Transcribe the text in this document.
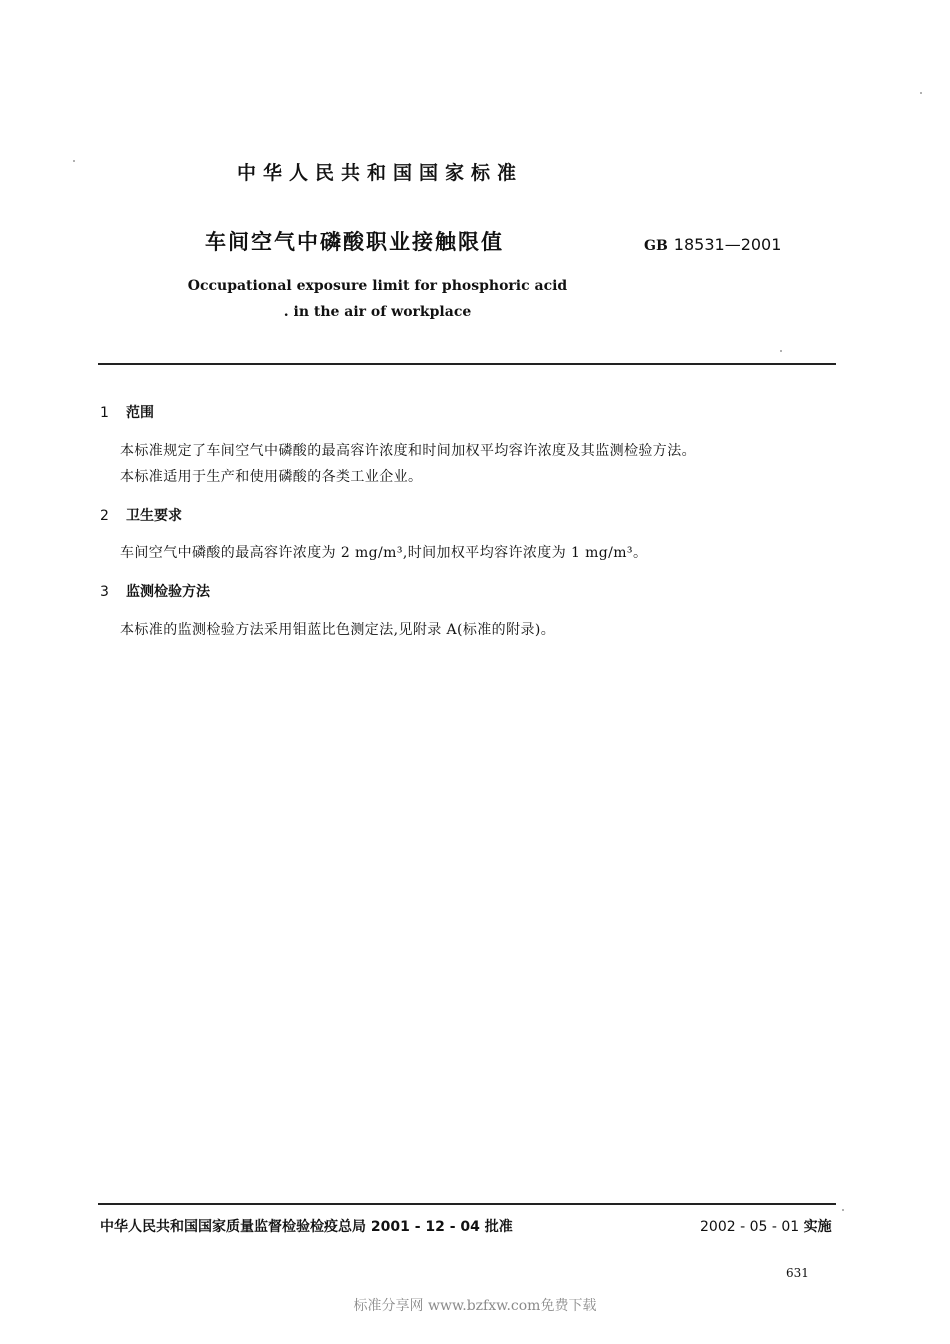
中华人民共和国国家标准
车间空气中磷酸职业接触限值	GB 18531—2001
Occupational exposure limit for phosphoric acid
. in the air of workplace
1 范围
本标准规定了车间空气中磷酸的最高容许浓度和时间加权平均容许浓度及其监测检验方法。
本标准适用于生产和使用磷酸的各类工业企业。
2 卫生要求
车间空气中磷酸的最高容许浓度为 2 mg/m³,时间加权平均容许浓度为 1 mg/m³。
3 监测检验方法
本标准的监测检验方法采用钼蓝比色测定法,见附录 A(标准的附录)。
中华人民共和国国家质量监督检验检疫总局 2001 - 12 - 04 批准	2002 - 05 - 01 实施
631
标准分享网 www.bzfxw.com免费下载
